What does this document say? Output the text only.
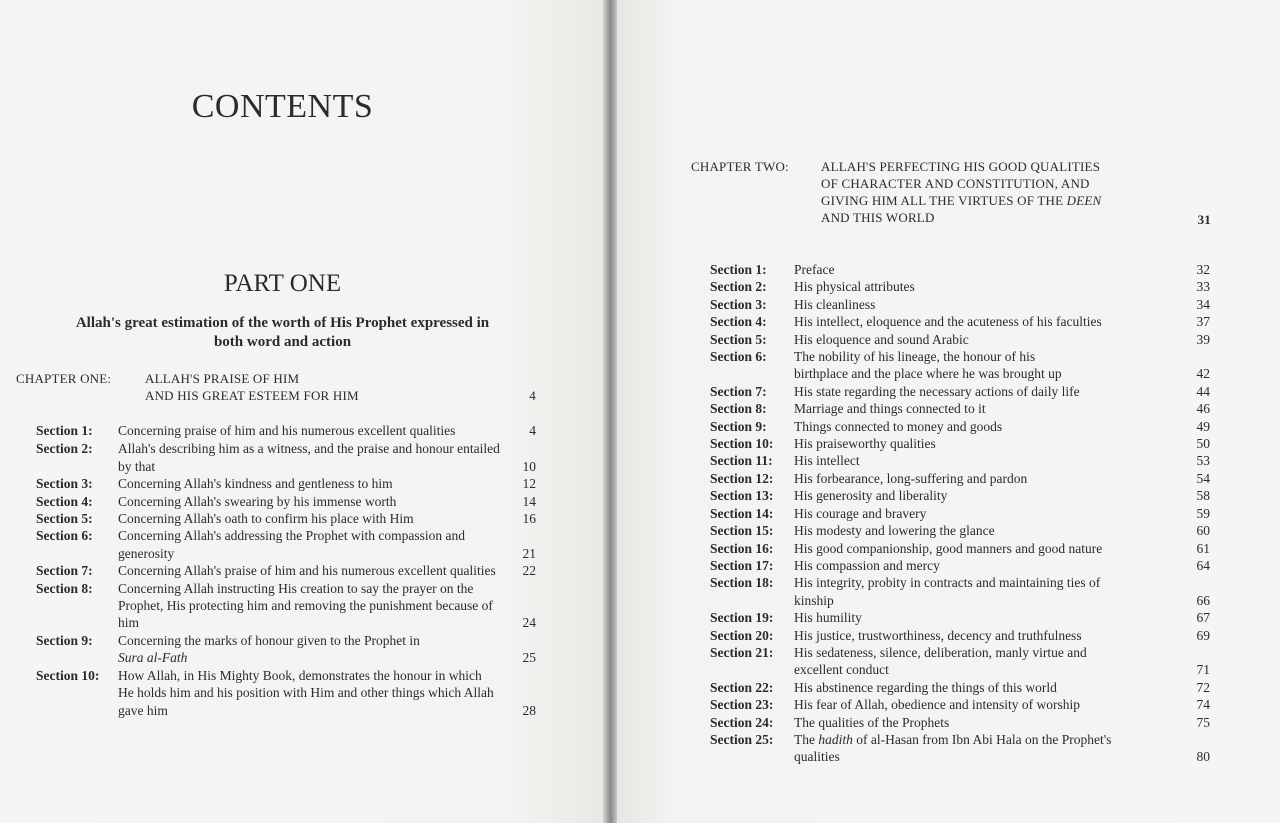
CONTENTS
PART ONE

Allah's great estimation of the worth of His Prophet expressed in both word and action

CHAPTER ONE:	ALLAH'S PRAISE OF HIM
AND HIS GREAT ESTEEM FOR HIM	4
Section 1: Concerning praise of him and his numerous excellent qualities	4
Section 2: Allah's describing him as a witness, and the praise and honour entailed by that	10
Section 3: Concerning Allah's kindness and gentleness to him	12
Section 4: Concerning Allah's swearing by his immense worth	14
Section 5: Concerning Allah's oath to confirm his place with Him	16
Section 6: Concerning Allah's addressing the Prophet with compassion and generosity	21
Section 7: Concerning Allah's praise of him and his numerous excellent qualities	22
Section 8: Concerning Allah instructing His creation to say the prayer on the Prophet, His protecting him and removing the punishment because of him	24
Section 9: Concerning the marks of honour given to the Prophet in
Sura al-Fath	25
Section 10: How Allah, in His Mighty Book, demonstrates the honour in which He holds him and his position with Him and other things which Allah gave him	28
CHAPTER TWO: ALLAH'S PERFECTING HIS GOOD QUALITIES
OF CHARACTER AND CONSTITUTION, AND
GIVING HIM ALL THE VIRTUES OF THE DEEN
AND THIS WORLD	31
Section 1: Preface	32
Section 2: His physical attributes	33
Section 3: His cleanliness	34
Section 4: His intellect, eloquence and the acuteness of his faculties	37
Section 5: His eloquence and sound Arabic	39
Section 6: The nobility of his lineage, the honour of his birthplace and the place where he was brought up	42
Section 7: His state regarding the necessary actions of daily life	44
Section 8: Marriage and things connected to it	46
Section 9: Things connected to money and goods	49
Section 10: His praiseworthy qualities	50
Section 11: His intellect	53
Section 12: His forbearance, long-suffering and pardon	54
Section 13: His generosity and liberality	58
Section 14: His courage and bravery	59
Section 15: His modesty and lowering the glance	60
Section 16: His good companionship, good manners and good nature	61
Section 17: His compassion and mercy	64
Section 18: His integrity, probity in contracts and maintaining ties of kinship	66
Section 19: His humility	67
Section 20: His justice, trustworthiness, decency and truthfulness	69
Section 21: His sedateness, silence, deliberation, manly virtue and excellent conduct	71
Section 22: His abstinence regarding the things of this world	72
Section 23: His fear of Allah, obedience and intensity of worship	74
Section 24: The qualities of the Prophets	75
Section 25: The hadith of al-Hasan from Ibn Abi Hala on the Prophet's qualities	80
